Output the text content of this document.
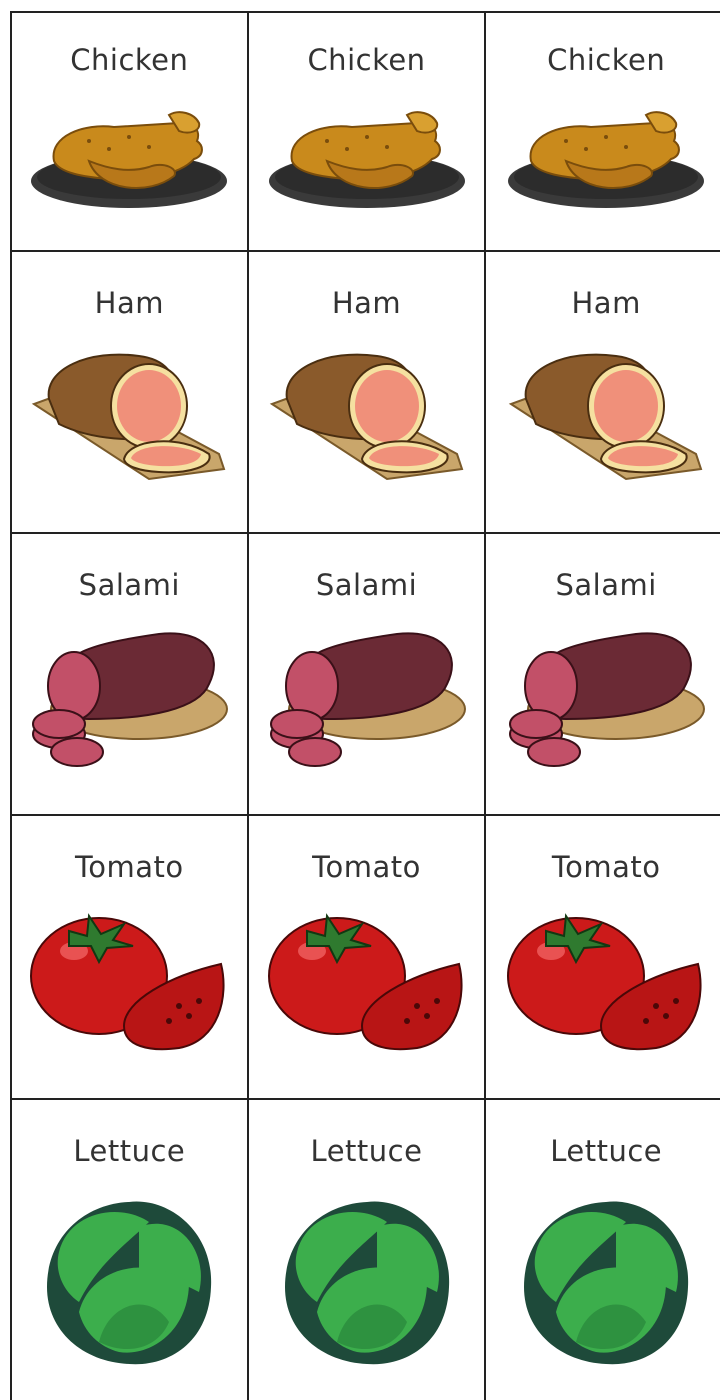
Chicken	Chicken	Chicken
Ham	Ham	Ham
Salami	Salami	Salami
Tomato	Tomato	Tomato
Lettuce	Lettuce	Lettuce
